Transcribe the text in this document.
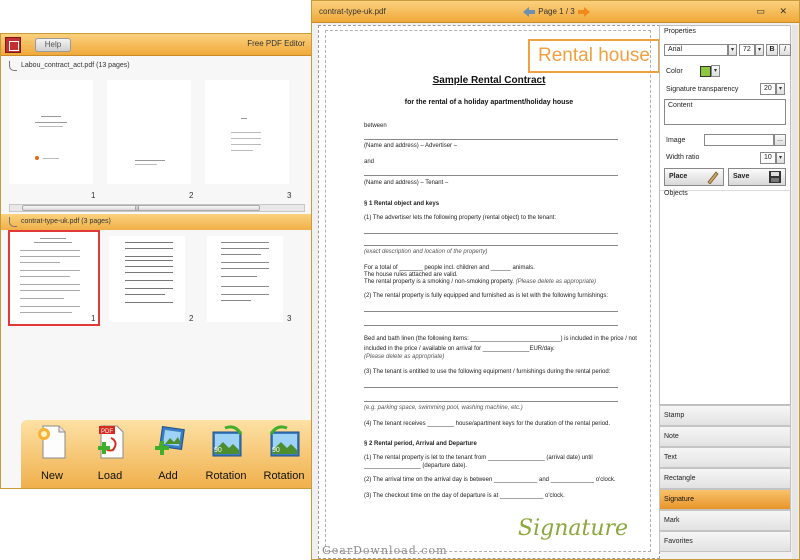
Help	Free PDF Editor
Labou_contract_act.pdf (13 pages)
1	2	3
III
contrat-type-uk.pdf (3 pages)
1	2	3
New
PDF
Load	Add
90
Rotation
90
Rotation
contrat-type-uk.pdf	Page 1 / 3	▭ ✕
Rental house
Sample Rental Contract
for the rental of a holiday apartment/holiday house
between
(Name and address) – Advertiser –
and
(Name and address) – Tenant –
§ 1 Rental object and keys
(1) The advertiser lets the following property (rental object) to the tenant:
(exact description and location of the property)
For a total of _______ people incl. children and ______ animals.
The house rules attached are valid.
The rental property is a smoking / non-smoking property. (Please delete as appropriate)
(2) The rental property is fully equipped and furnished as is let with the following furnishings:
Bed and bath linen (the following items: ___________________________) is included in the price / not
included in the price / available on arrival for ______________EUR/day.
(Please delete as appropriate)
(3) The tenant is entitled to use the following equipment / furnishings during the rental period:
(e.g. parking space, swimming pool, washing machine, etc.)
(4) The tenant receives ________ house/apartment keys for the duration of the rental period.
§ 2 Rental period, Arrival and Departure
(1) The rental property is let to the tenant from _________________ (arrival date) until
_________________ (departure date).
(2) The arrival time on the arrival day is between _____________ and _____________ o'clock.
(3) The checkout time on the day of departure is at _____________ o'clock.
Signature
Properties
Arial	▾	72	▾	B	I
Color	▾
Signature transparency	20	▾
Content
Image	...
Width ratio	10	▾
Place	Save
Objects
Stamp
Note
Text
Rectangle
Signature
Mark
Favorites
GearDownload.com
